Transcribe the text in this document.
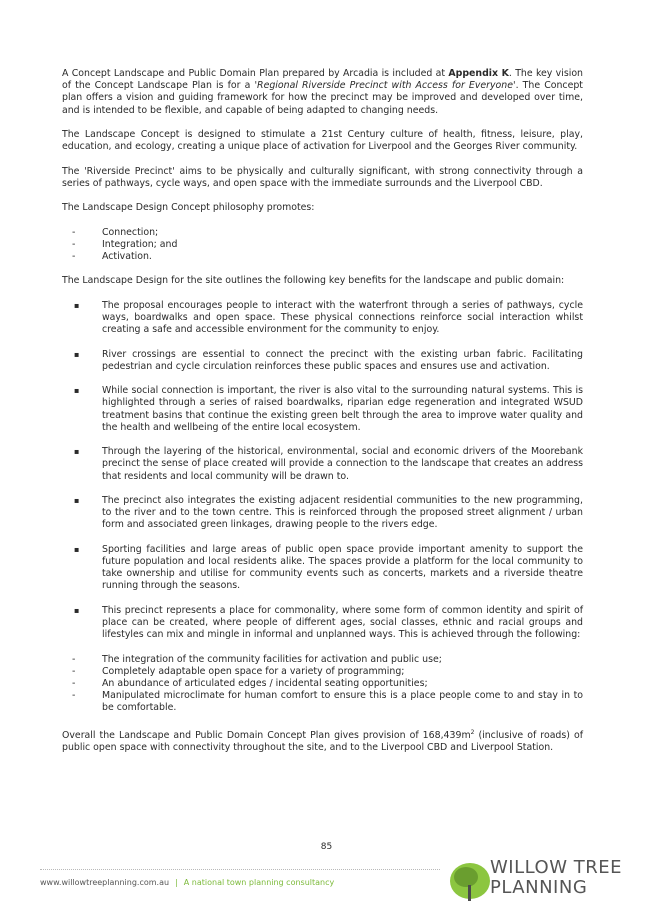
A Concept Landscape and Public Domain Plan prepared by Arcadia is included at Appendix K. The key vision of the Concept Landscape Plan is for a 'Regional Riverside Precinct with Access for Everyone'. The Concept plan offers a vision and guiding framework for how the precinct may be improved and developed over time, and is intended to be flexible, and capable of being adapted to changing needs.

The Landscape Concept is designed to stimulate a 21st Century culture of health, fitness, leisure, play, education, and ecology, creating a unique place of activation for Liverpool and the Georges River community.

The 'Riverside Precinct' aims to be physically and culturally significant, with strong connectivity through a series of pathways, cycle ways, and open space with the immediate surrounds and the Liverpool CBD.

The Landscape Design Concept philosophy promotes:

- Connection;
- Integration; and
- Activation.

The Landscape Design for the site outlines the following key benefits for the landscape and public domain:

▪ The proposal encourages people to interact with the waterfront through a series of pathways, cycle ways, boardwalks and open space. These physical connections reinforce social interaction whilst creating a safe and accessible environment for the community to enjoy.
▪ River crossings are essential to connect the precinct with the existing urban fabric. Facilitating pedestrian and cycle circulation reinforces these public spaces and ensures use and activation.
▪ While social connection is important, the river is also vital to the surrounding natural systems. This is highlighted through a series of raised boardwalks, riparian edge regeneration and integrated WSUD treatment basins that continue the existing green belt through the area to improve water quality and the health and wellbeing of the entire local ecosystem.
▪ Through the layering of the historical, environmental, social and economic drivers of the Moorebank precinct the sense of place created will provide a connection to the landscape that creates an address that residents and local community will be drawn to.
▪ The precinct also integrates the existing adjacent residential communities to the new programming, to the river and to the town centre. This is reinforced through the proposed street alignment / urban form and associated green linkages, drawing people to the rivers edge.
▪ Sporting facilities and large areas of public open space provide important amenity to support the future population and local residents alike. The spaces provide a platform for the local community to take ownership and utilise for community events such as concerts, markets and a riverside theatre running through the seasons.
▪ This precinct represents a place for commonality, where some form of common identity and spirit of place can be created, where people of different ages, social classes, ethnic and racial groups and lifestyles can mix and mingle in informal and unplanned ways. This is achieved through the following:
- The integration of the community facilities for activation and public use;
- Completely adaptable open space for a variety of programming;
- An abundance of articulated edges / incidental seating opportunities;
- Manipulated microclimate for human comfort to ensure this is a place people come to and stay in to be comfortable.

Overall the Landscape and Public Domain Concept Plan gives provision of $168,439m^2$ (inclusive of roads) of public open space with connectivity throughout the site, and to the Liverpool CBD and Liverpool Station.

85
www.willowtreeplanning.com.au | A national town planning consultancy
WILLOW TREE
PLANNING
